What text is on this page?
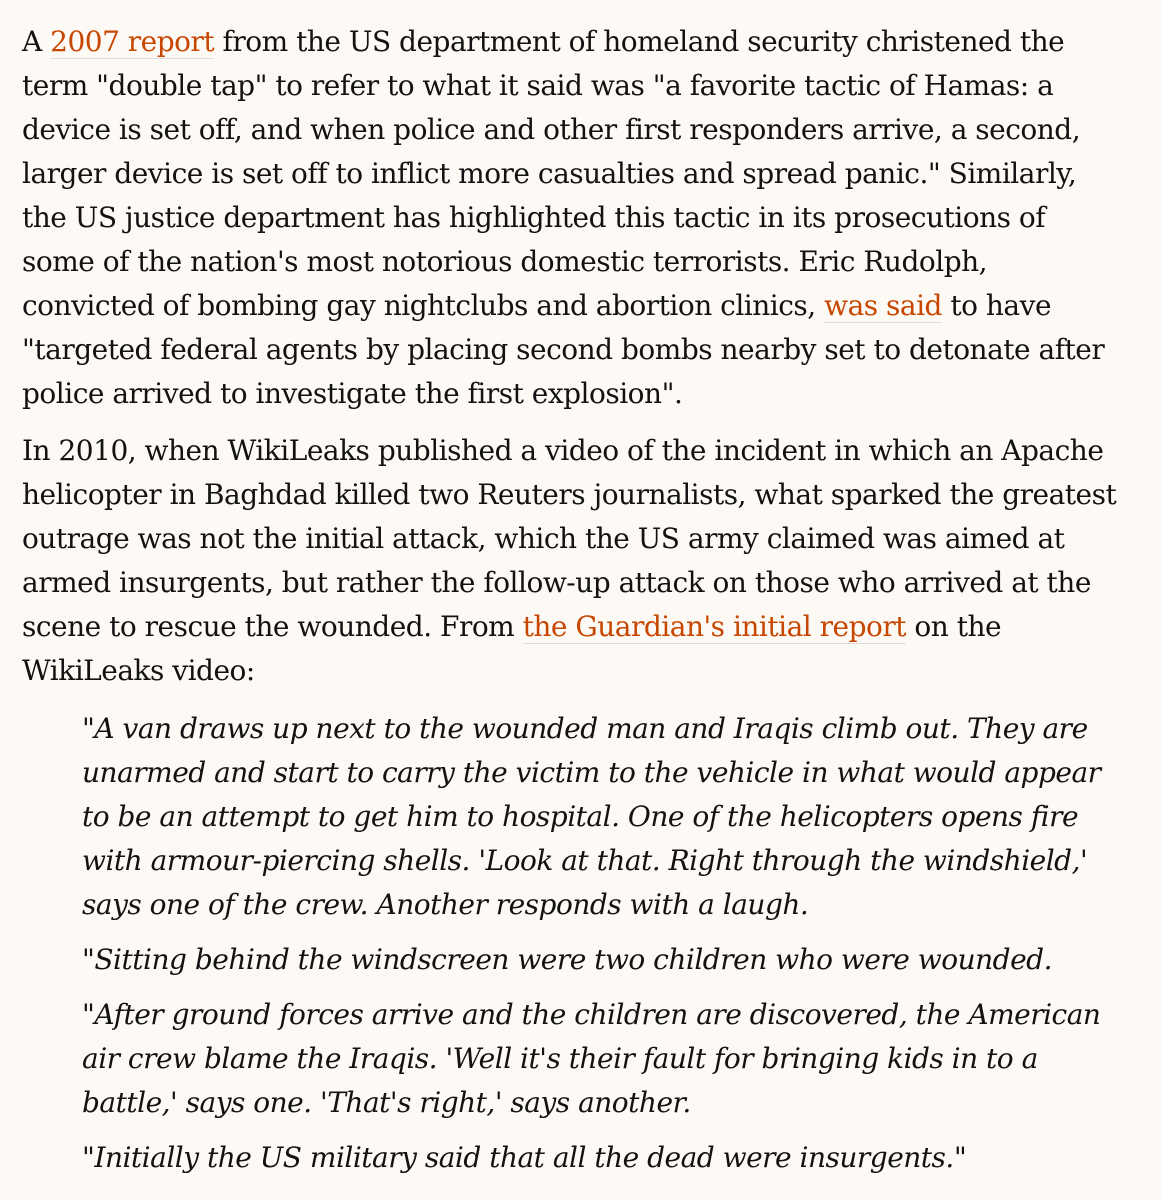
A 2007 report from the US department of homeland security christened the term "double tap" to refer to what it said was "a favorite tactic of Hamas: a device is set off, and when police and other first responders arrive, a second, larger device is set off to inflict more casualties and spread panic." Similarly, the US justice department has highlighted this tactic in its prosecutions of some of the nation's most notorious domestic terrorists. Eric Rudolph, convicted of bombing gay nightclubs and abortion clinics, was said to have "targeted federal agents by placing second bombs nearby set to detonate after police arrived to investigate the first explosion".

In 2010, when WikiLeaks published a video of the incident in which an Apache helicopter in Baghdad killed two Reuters journalists, what sparked the greatest outrage was not the initial attack, which the US army claimed was aimed at armed insurgents, but rather the follow-up attack on those who arrived at the scene to rescue the wounded. From the Guardian's initial report on the WikiLeaks video:

"A van draws up next to the wounded man and Iraqis climb out. They are unarmed and start to carry the victim to the vehicle in what would appear to be an attempt to get him to hospital. One of the helicopters opens fire with armour-piercing shells. 'Look at that. Right through the windshield,' says one of the crew. Another responds with a laugh.

"Sitting behind the windscreen were two children who were wounded.

"After ground forces arrive and the children are discovered, the American air crew blame the Iraqis. 'Well it's their fault for bringing kids in to a battle,' says one. 'That's right,' says another.

"Initially the US military said that all the dead were insurgents."
